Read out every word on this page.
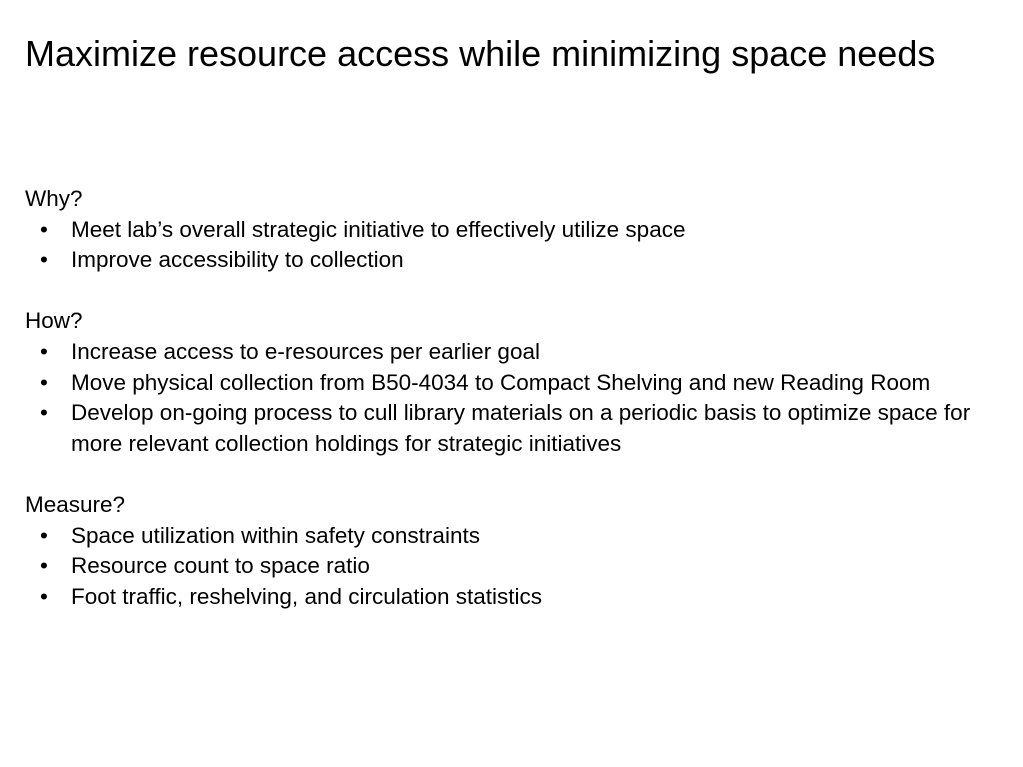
Maximize resource access while minimizing space needs

Why?

• Meet lab’s overall strategic initiative to effectively utilize space
• Improve accessibility to collection

How?

• Increase access to e-resources per earlier goal
• Move physical collection from B50-4034 to Compact Shelving and new Reading Room
• Develop on-going process to cull library materials on a periodic basis to optimize space for more relevant collection holdings for strategic initiatives

Measure?

• Space utilization within safety constraints
• Resource count to space ratio
• Foot traffic, reshelving, and circulation statistics
